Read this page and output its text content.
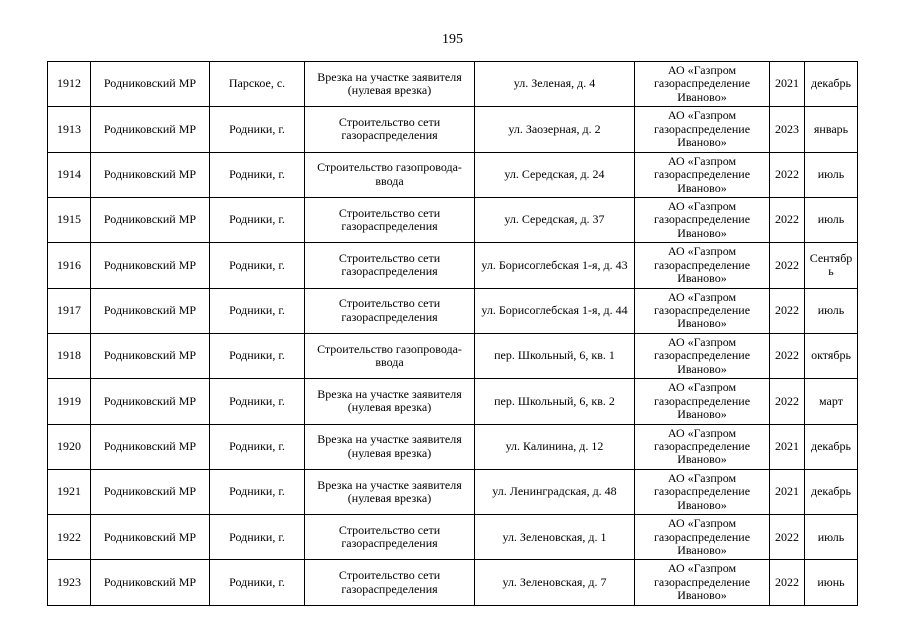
195
1912	Родниковский МР	Парское, с.	Врезка на участке заявителя (нулевая врезка)	ул. Зеленая, д. 4	АО «Газпром газораспределение Иваново»	2021	декабрь
1913	Родниковский МР	Родники, г.	Строительство сети газораспределения	ул. Заозерная, д. 2	АО «Газпром газораспределение Иваново»	2023	январь
1914	Родниковский МР	Родники, г.	Строительство газопровода-ввода	ул. Середская, д. 24	АО «Газпром газораспределение Иваново»	2022	июль
1915	Родниковский МР	Родники, г.	Строительство сети газораспределения	ул. Середская, д. 37	АО «Газпром газораспределение Иваново»	2022	июль
1916	Родниковский МР	Родники, г.	Строительство сети газораспределения	ул. Борисоглебская 1-я, д. 43	АО «Газпром газораспределение Иваново»	2022	Сентябрь
1917	Родниковский МР	Родники, г.	Строительство сети газораспределения	ул. Борисоглебская 1-я, д. 44	АО «Газпром газораспределение Иваново»	2022	июль
1918	Родниковский МР	Родники, г.	Строительство газопровода-ввода	пер. Школьный, 6, кв. 1	АО «Газпром газораспределение Иваново»	2022	октябрь
1919	Родниковский МР	Родники, г.	Врезка на участке заявителя (нулевая врезка)	пер. Школьный, 6, кв. 2	АО «Газпром газораспределение Иваново»	2022	март
1920	Родниковский МР	Родники, г.	Врезка на участке заявителя (нулевая врезка)	ул. Калинина, д. 12	АО «Газпром газораспределение Иваново»	2021	декабрь
1921	Родниковский МР	Родники, г.	Врезка на участке заявителя (нулевая врезка)	ул. Ленинградская, д. 48	АО «Газпром газораспределение Иваново»	2021	декабрь
1922	Родниковский МР	Родники, г.	Строительство сети газораспределения	ул. Зеленовская, д. 1	АО «Газпром газораспределение Иваново»	2022	июль
1923	Родниковский МР	Родники, г.	Строительство сети газораспределения	ул. Зеленовская, д. 7	АО «Газпром газораспределение Иваново»	2022	июнь
